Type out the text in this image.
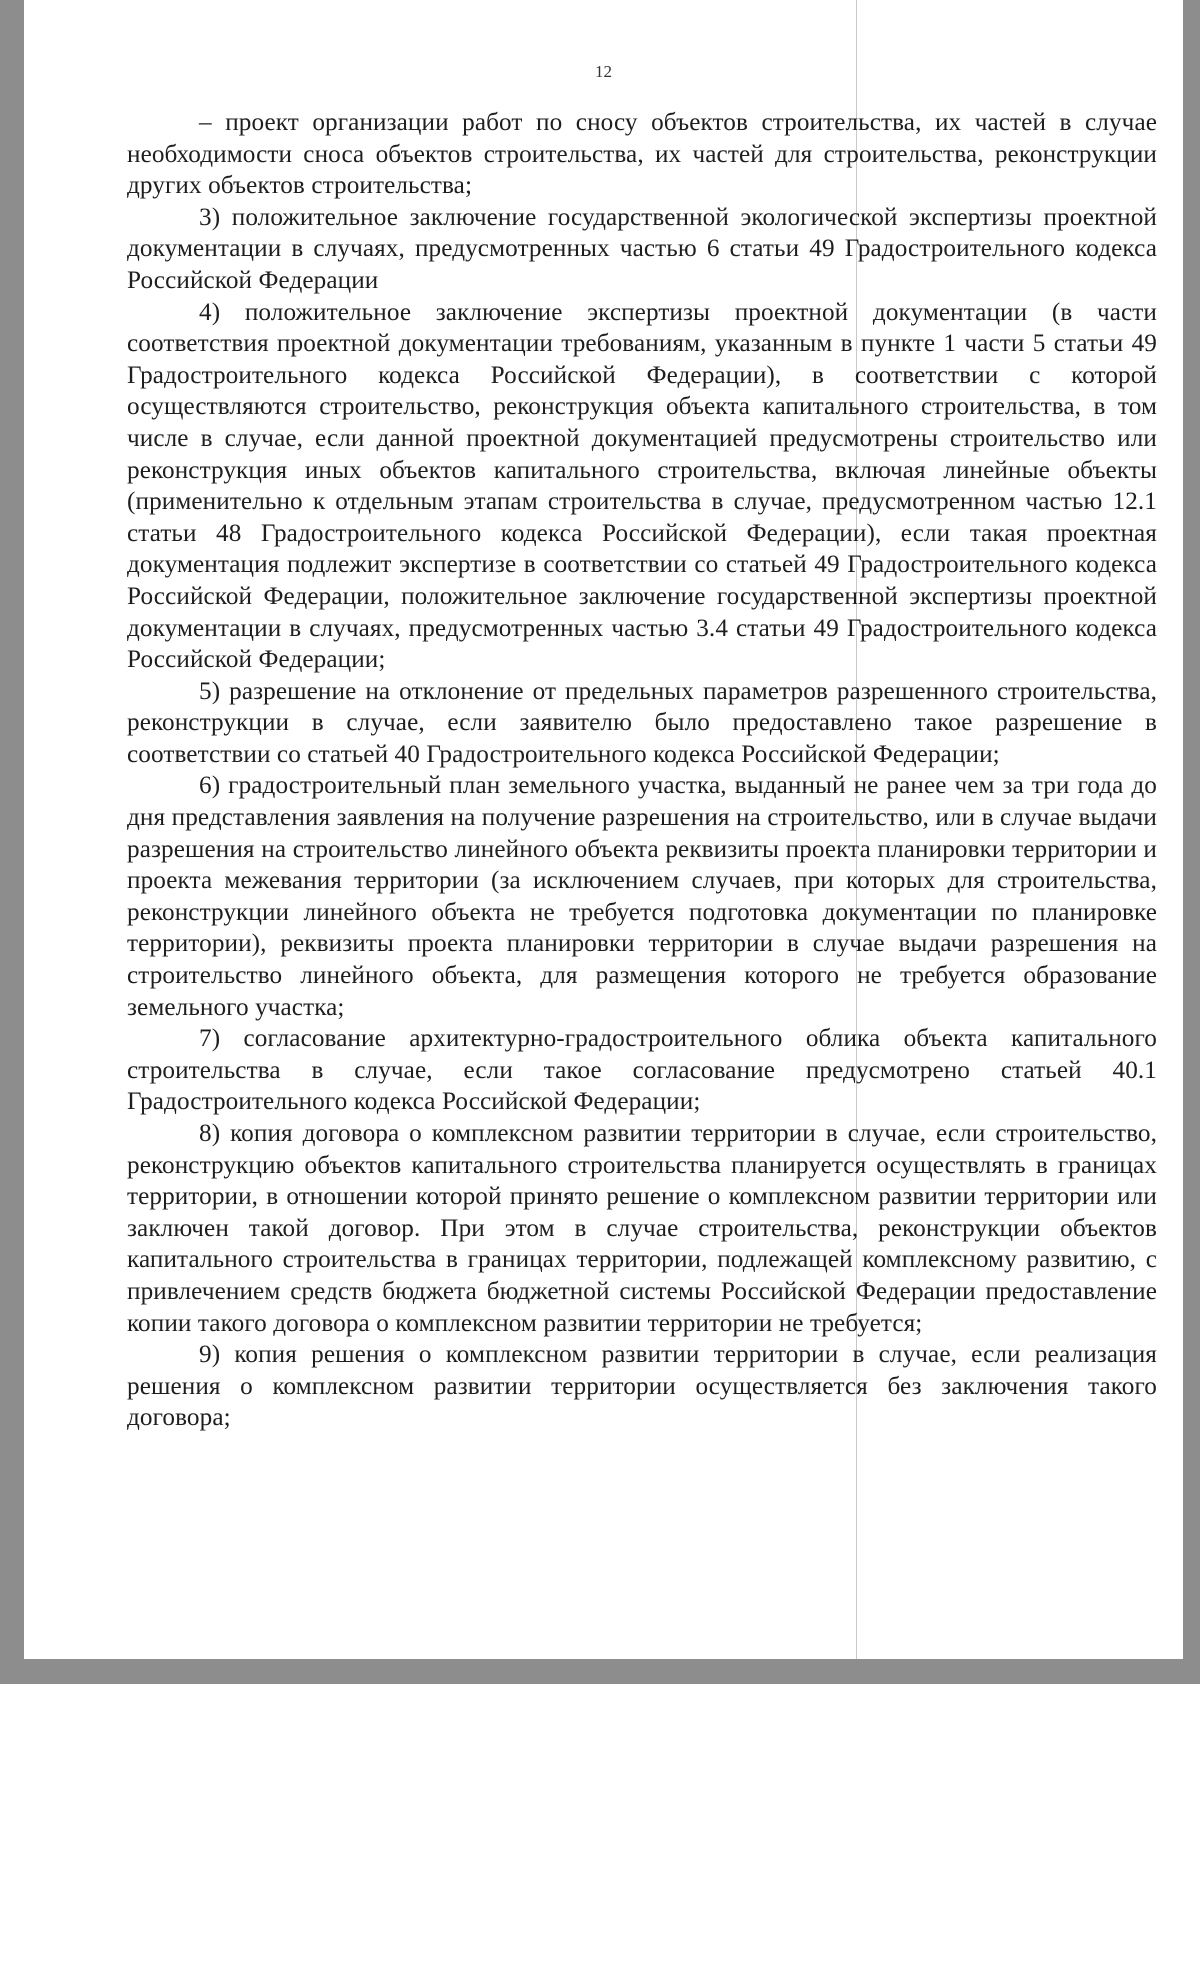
12

– проект организации работ по сносу объектов строительства, их частей в случае необходимости сноса объектов строительства, их частей для строительства, реконструкции других объектов строительства;

3) положительное заключение государственной экологической экспертизы проектной документации в случаях, предусмотренных частью 6 статьи 49 Градостроительного кодекса Российской Федерации

4) положительное заключение экспертизы проектной документации (в части соответствия проектной документации требованиям, указанным в пункте 1 части 5 статьи 49 Градостроительного кодекса Российской Федерации), в соответствии с которой осуществляются строительство, реконструкция объекта капитального строительства, в том числе в случае, если данной проектной документацией предусмотрены строительство или реконструкция иных объектов капитального строительства, включая линейные объекты (применительно к отдельным этапам строительства в случае, предусмотренном частью 12.1 статьи 48 Градостроительного кодекса Российской Федерации), если такая проектная документация подлежит экспертизе в соответствии со статьей 49 Градостроительного кодекса Российской Федерации, положительное заключение государственной экспертизы проектной документации в случаях, предусмотренных частью 3.4 статьи 49 Градостроительного кодекса Российской Федерации;

5) разрешение на отклонение от предельных параметров разрешенного строительства, реконструкции в случае, если заявителю было предоставлено такое разрешение в соответствии со статьей 40 Градостроительного кодекса Российской Федерации;

6) градостроительный план земельного участка, выданный не ранее чем за три года до дня представления заявления на получение разрешения на строительство, или в случае выдачи разрешения на строительство линейного объекта реквизиты проекта планировки территории и проекта межевания территории (за исключением случаев, при которых для строительства, реконструкции линейного объекта не требуется подготовка документации по планировке территории), реквизиты проекта планировки территории в случае выдачи разрешения на строительство линейного объекта, для размещения которого не требуется образование земельного участка;

7) согласование архитектурно-градостроительного облика объекта капитального строительства в случае, если такое согласование предусмотрено статьей 40.1 Градостроительного кодекса Российской Федерации;

8) копия договора о комплексном развитии территории в случае, если строительство, реконструкцию объектов капитального строительства планируется осуществлять в границах территории, в отношении которой принято решение о комплексном развитии территории или заключен такой договор. При этом в случае строительства, реконструкции объектов капитального строительства в границах территории, подлежащей комплексному развитию, с привлечением средств бюджета бюджетной системы Российской Федерации предоставление копии такого договора о комплексном развитии территории не требуется;

9) копия решения о комплексном развитии территории в случае, если реализация решения о комплексном развитии территории осуществляется без заключения такого договора;
